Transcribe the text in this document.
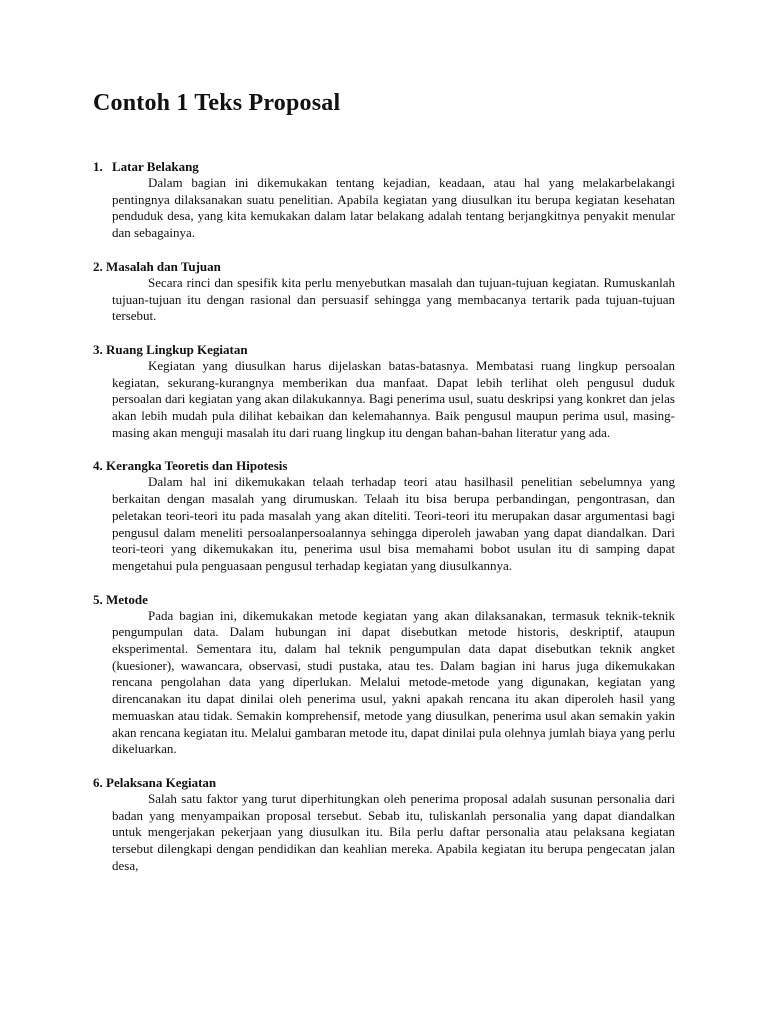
Contoh 1 Teks Proposal

1. Latar Belakang

Dalam bagian ini dikemukakan tentang kejadian, keadaan, atau hal yang melakarbelakangi pentingnya dilaksanakan suatu penelitian. Apabila kegiatan yang diusulkan itu berupa kegiatan kesehatan penduduk desa, yang kita kemukakan dalam latar belakang adalah tentang berjangkitnya penyakit menular dan sebagainya.

2. Masalah dan Tujuan

Secara rinci dan spesifik kita perlu menyebutkan masalah dan tujuan-tujuan kegiatan. Rumuskanlah tujuan-tujuan itu dengan rasional dan persuasif sehingga yang membacanya tertarik pada tujuan-tujuan tersebut.

3. Ruang Lingkup Kegiatan

Kegiatan yang diusulkan harus dijelaskan batas-batasnya. Membatasi ruang lingkup persoalan kegiatan, sekurang-kurangnya memberikan dua manfaat. Dapat lebih terlihat oleh pengusul duduk persoalan dari kegiatan yang akan dilakukannya. Bagi penerima usul, suatu deskripsi yang konkret dan jelas akan lebih mudah pula dilihat kebaikan dan kelemahannya. Baik pengusul maupun perima usul, masing-masing akan menguji masalah itu dari ruang lingkup itu dengan bahan-bahan literatur yang ada.

4. Kerangka Teoretis dan Hipotesis

Dalam hal ini dikemukakan telaah terhadap teori atau hasilhasil penelitian sebelumnya yang berkaitan dengan masalah yang dirumuskan. Telaah itu bisa berupa perbandingan, pengontrasan, dan peletakan teori-teori itu pada masalah yang akan diteliti. Teori-teori itu merupakan dasar argumentasi bagi pengusul dalam meneliti persoalanpersoalannya sehingga diperoleh jawaban yang dapat diandalkan. Dari teori-teori yang dikemukakan itu, penerima usul bisa memahami bobot usulan itu di samping dapat mengetahui pula penguasaan pengusul terhadap kegiatan yang diusulkannya.

5. Metode

Pada bagian ini, dikemukakan metode kegiatan yang akan dilaksanakan, termasuk teknik-teknik pengumpulan data. Dalam hubungan ini dapat disebutkan metode historis, deskriptif, ataupun eksperimental. Sementara itu, dalam hal teknik pengumpulan data dapat disebutkan teknik angket (kuesioner), wawancara, observasi, studi pustaka, atau tes. Dalam bagian ini harus juga dikemukakan rencana pengolahan data yang diperlukan. Melalui metode-metode yang digunakan, kegiatan yang direncanakan itu dapat dinilai oleh penerima usul, yakni apakah rencana itu akan diperoleh hasil yang memuaskan atau tidak. Semakin komprehensif, metode yang diusulkan, penerima usul akan semakin yakin akan rencana kegiatan itu. Melalui gambaran metode itu, dapat dinilai pula olehnya jumlah biaya yang perlu dikeluarkan.

6. Pelaksana Kegiatan

Salah satu faktor yang turut diperhitungkan oleh penerima proposal adalah susunan personalia dari badan yang menyampaikan proposal tersebut. Sebab itu, tuliskanlah personalia yang dapat diandalkan untuk mengerjakan pekerjaan yang diusulkan itu. Bila perlu daftar personalia atau pelaksana kegiatan tersebut dilengkapi dengan pendidikan dan keahlian mereka. Apabila kegiatan itu berupa pengecatan jalan desa,
